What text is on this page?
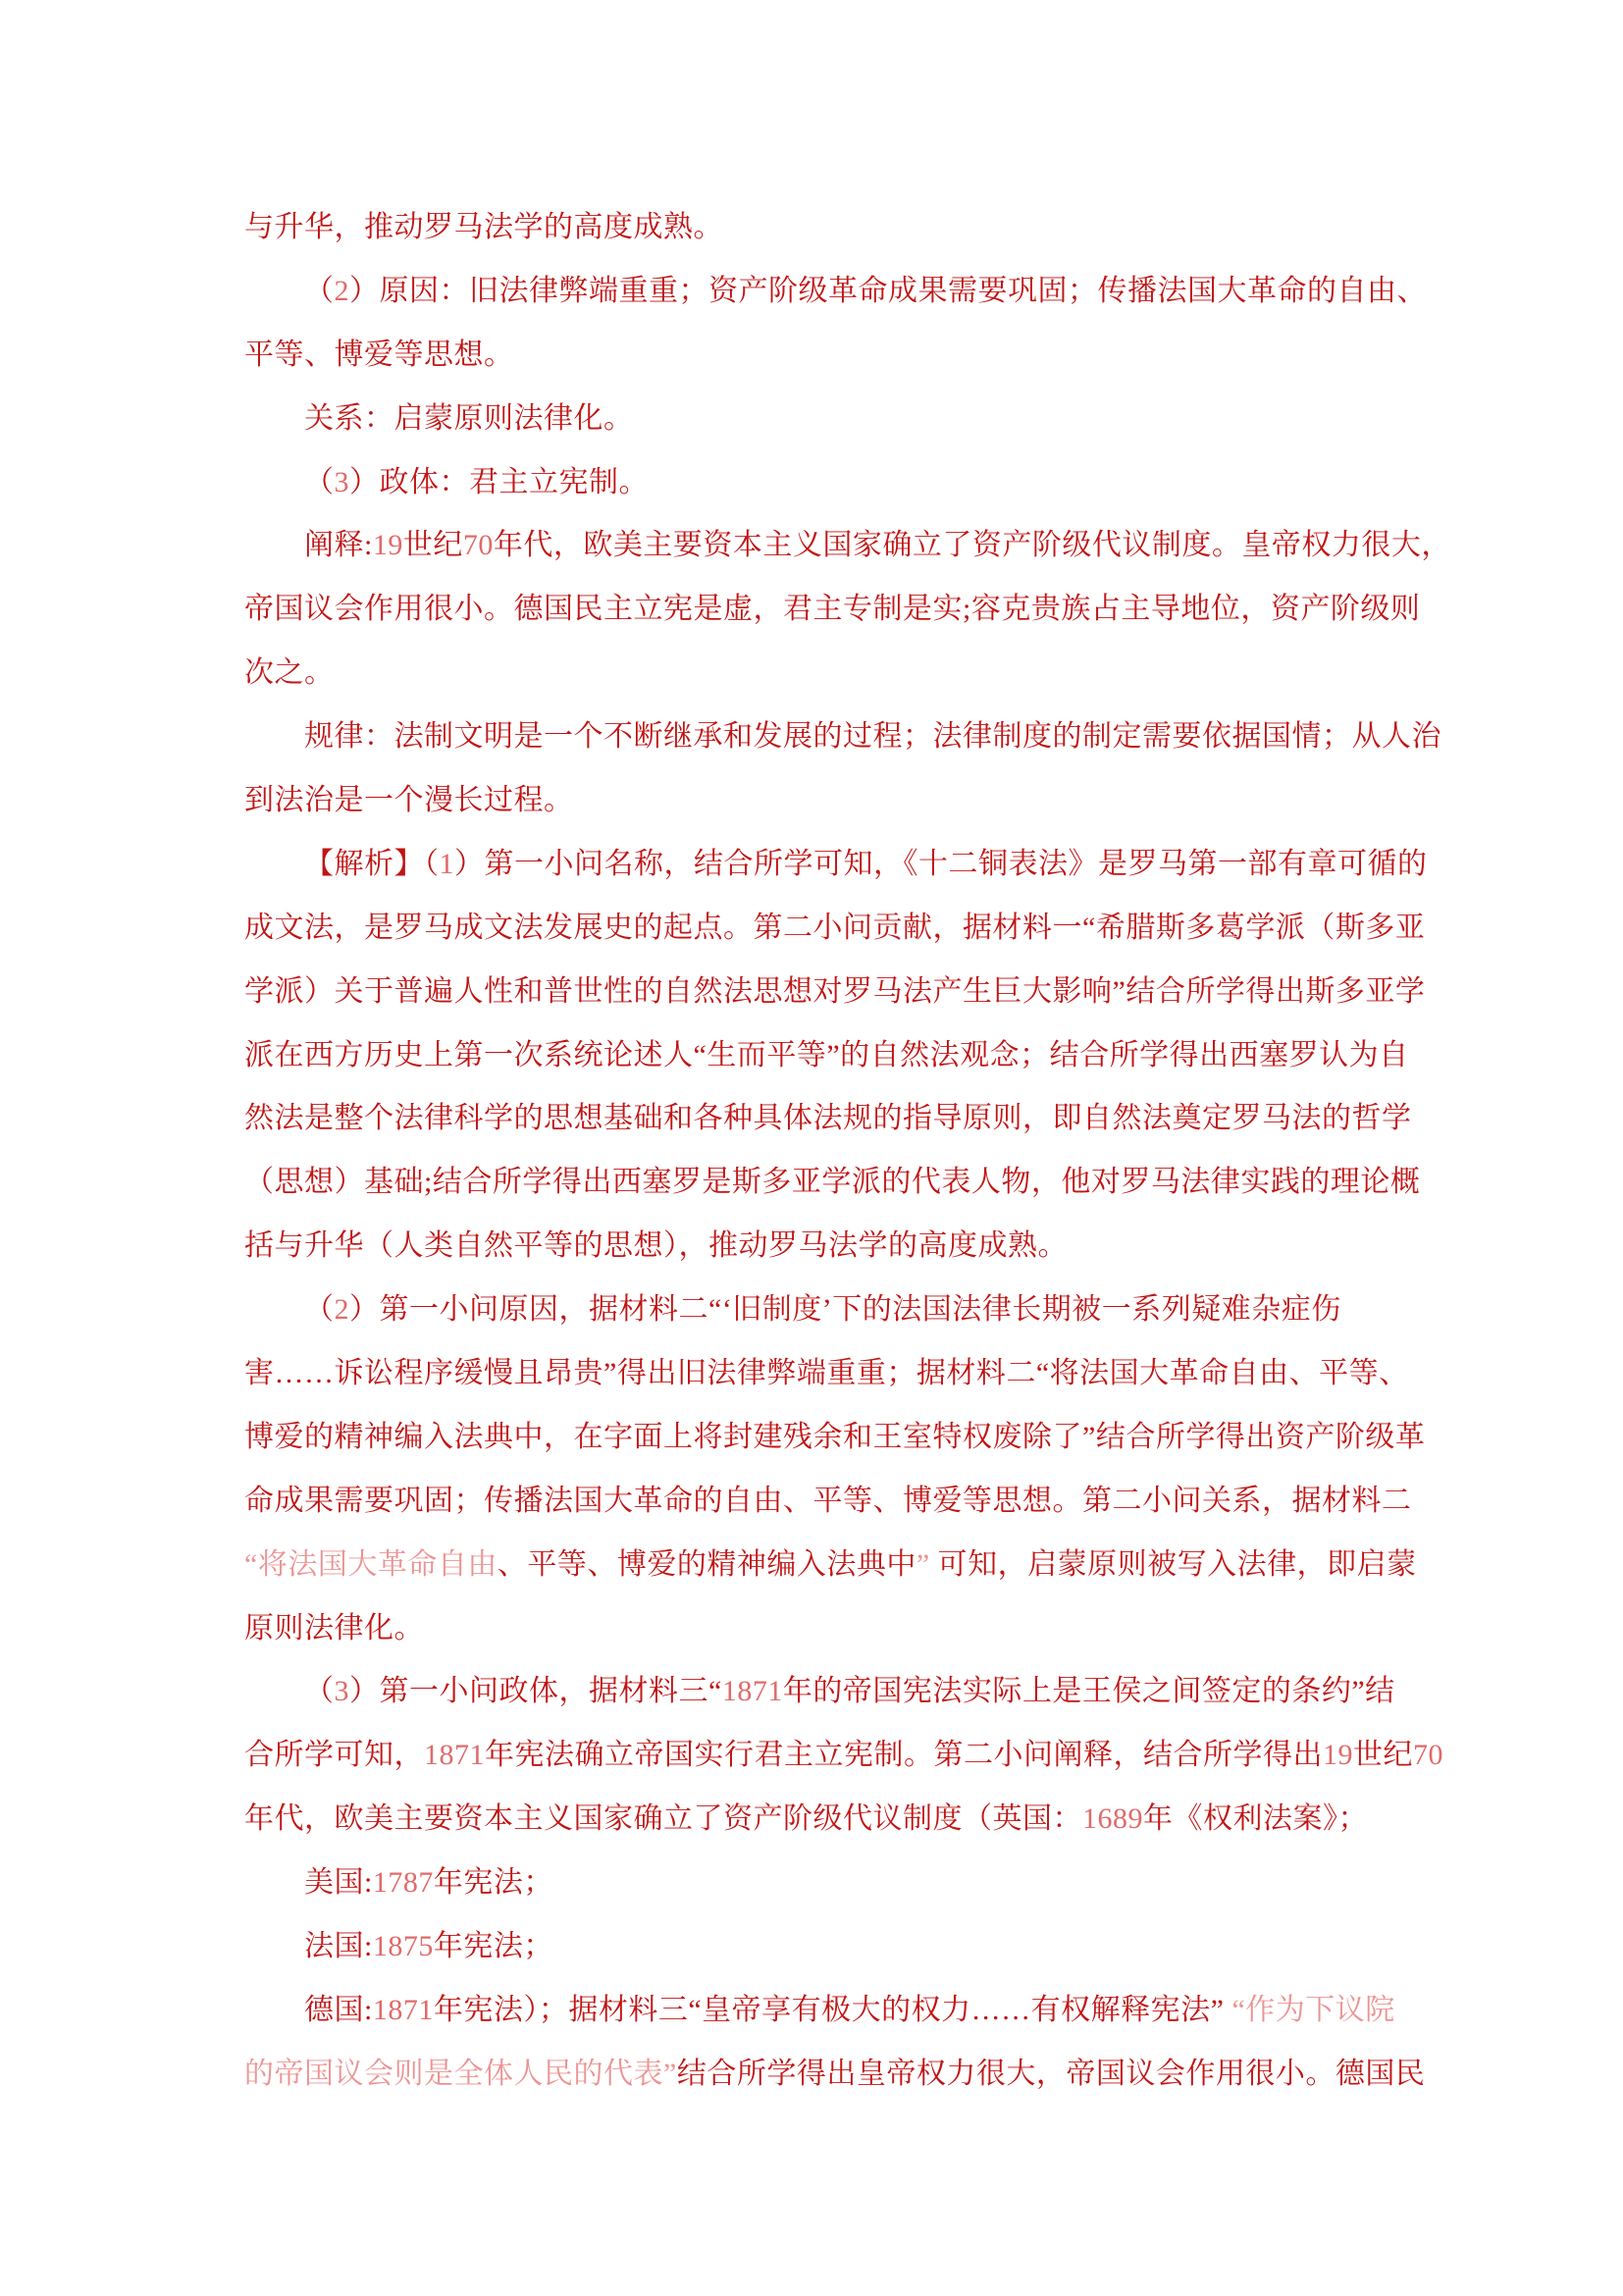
与升华，推动罗马法学的高度成熟。
（2）原因：旧法律弊端重重；资产阶级革命成果需要巩固；传播法国大革命的自由、
平等、博爱等思想。
关系：启蒙原则法律化。
（3）政体：君主立宪制。
阐释:19世纪70年代，欧美主要资本主义国家确立了资产阶级代议制度。皇帝权力很大，
帝国议会作用很小。德国民主立宪是虚，君主专制是实;容克贵族占主导地位，资产阶级则
次之。
规律：法制文明是一个不断继承和发展的过程；法律制度的制定需要依据国情；从人治
到法治是一个漫长过程。
【解析】（1）第一小问名称，结合所学可知，《十二铜表法》是罗马第一部有章可循的
成文法，是罗马成文法发展史的起点。第二小问贡献，据材料一“希腊斯多葛学派（斯多亚
学派）关于普遍人性和普世性的自然法思想对罗马法产生巨大影响”结合所学得出斯多亚学
派在西方历史上第一次系统论述人“生而平等”的自然法观念；结合所学得出西塞罗认为自
然法是整个法律科学的思想基础和各种具体法规的指导原则，即自然法奠定罗马法的哲学
（思想）基础;结合所学得出西塞罗是斯多亚学派的代表人物，他对罗马法律实践的理论概
括与升华（人类自然平等的思想），推动罗马法学的高度成熟。
（2）第一小问原因，据材料二“‘旧制度’下的法国法律长期被一系列疑难杂症伤
害……诉讼程序缓慢且昂贵”得出旧法律弊端重重；据材料二“将法国大革命自由、平等、
博爱的精神编入法典中，在字面上将封建残余和王室特权废除了”结合所学得出资产阶级革
命成果需要巩固；传播法国大革命的自由、平等、博爱等思想。第二小问关系，据材料二
“将法国大革命自由、平等、博爱的精神编入法典中” 可知，启蒙原则被写入法律，即启蒙
原则法律化。
（3）第一小问政体，据材料三“1871年的帝国宪法实际上是王侯之间签定的条约”结
合所学可知，1871年宪法确立帝国实行君主立宪制。第二小问阐释，结合所学得出19世纪70
年代，欧美主要资本主义国家确立了资产阶级代议制度（英国：1689年《权利法案》；
美国:1787年宪法；
法国:1875年宪法；
德国:1871年宪法）；据材料三“皇帝享有极大的权力……有权解释宪法” “作为下议院
的帝国议会则是全体人民的代表”结合所学得出皇帝权力很大，帝国议会作用很小。德国民
